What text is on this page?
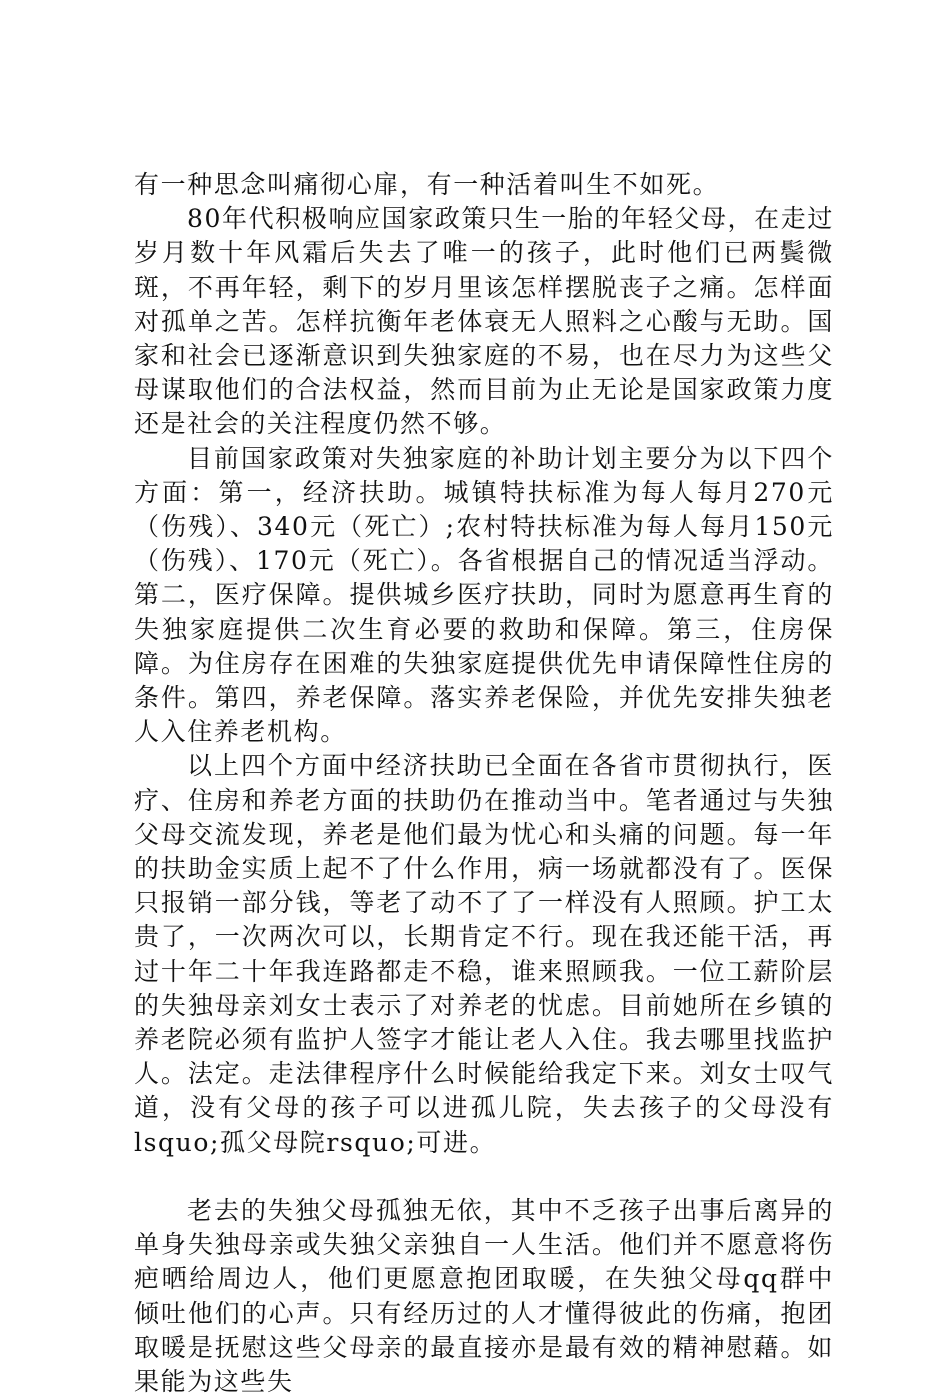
有一种思念叫痛彻心扉，有一种活着叫生不如死。

80年代积极响应国家政策只生一胎的年轻父母，在走过岁月数十年风霜后失去了唯一的孩子，此时他们已两鬓微斑，不再年轻，剩下的岁月里该怎样摆脱丧子之痛。怎样面对孤单之苦。怎样抗衡年老体衰无人照料之心酸与无助。国家和社会已逐渐意识到失独家庭的不易，也在尽力为这些父母谋取他们的合法权益，然而目前为止无论是国家政策力度还是社会的关注程度仍然不够。

目前国家政策对失独家庭的补助计划主要分为以下四个方面：第一，经济扶助。城镇特扶标准为每人每月270元（伤残）、340元（死亡）;农村特扶标准为每人每月150元（伤残）、170元（死亡）。各省根据自己的情况适当浮动。第二，医疗保障。提供城乡医疗扶助，同时为愿意再生育的失独家庭提供二次生育必要的救助和保障。第三，住房保障。为住房存在困难的失独家庭提供优先申请保障性住房的条件。第四，养老保障。落实养老保险，并优先安排失独老人入住养老机构。

以上四个方面中经济扶助已全面在各省市贯彻执行，医疗、住房和养老方面的扶助仍在推动当中。笔者通过与失独父母交流发现，养老是他们最为忧心和头痛的问题。每一年的扶助金实质上起不了什么作用，病一场就都没有了。医保只报销一部分钱，等老了动不了了一样没有人照顾。护工太贵了，一次两次可以，长期肯定不行。现在我还能干活，再过十年二十年我连路都走不稳，谁来照顾我。一位工薪阶层的失独母亲刘女士表示了对养老的忧虑。目前她所在乡镇的养老院必须有监护人签字才能让老人入住。我去哪里找监护人。法定。走法律程序什么时候能给我定下来。刘女士叹气道，没有父母的孩子可以进孤儿院，失去孩子的父母没有lsquo;孤父母院rsquo;可进。

老去的失独父母孤独无依，其中不乏孩子出事后离异的单身失独母亲或失独父亲独自一人生活。他们并不愿意将伤疤晒给周边人，他们更愿意抱团取暖，在失独父母qq群中倾吐他们的心声。只有经历过的人才懂得彼此的伤痛，抱团取暖是抚慰这些父母亲的最直接亦是最有效的精神慰藉。如果能为这些失
